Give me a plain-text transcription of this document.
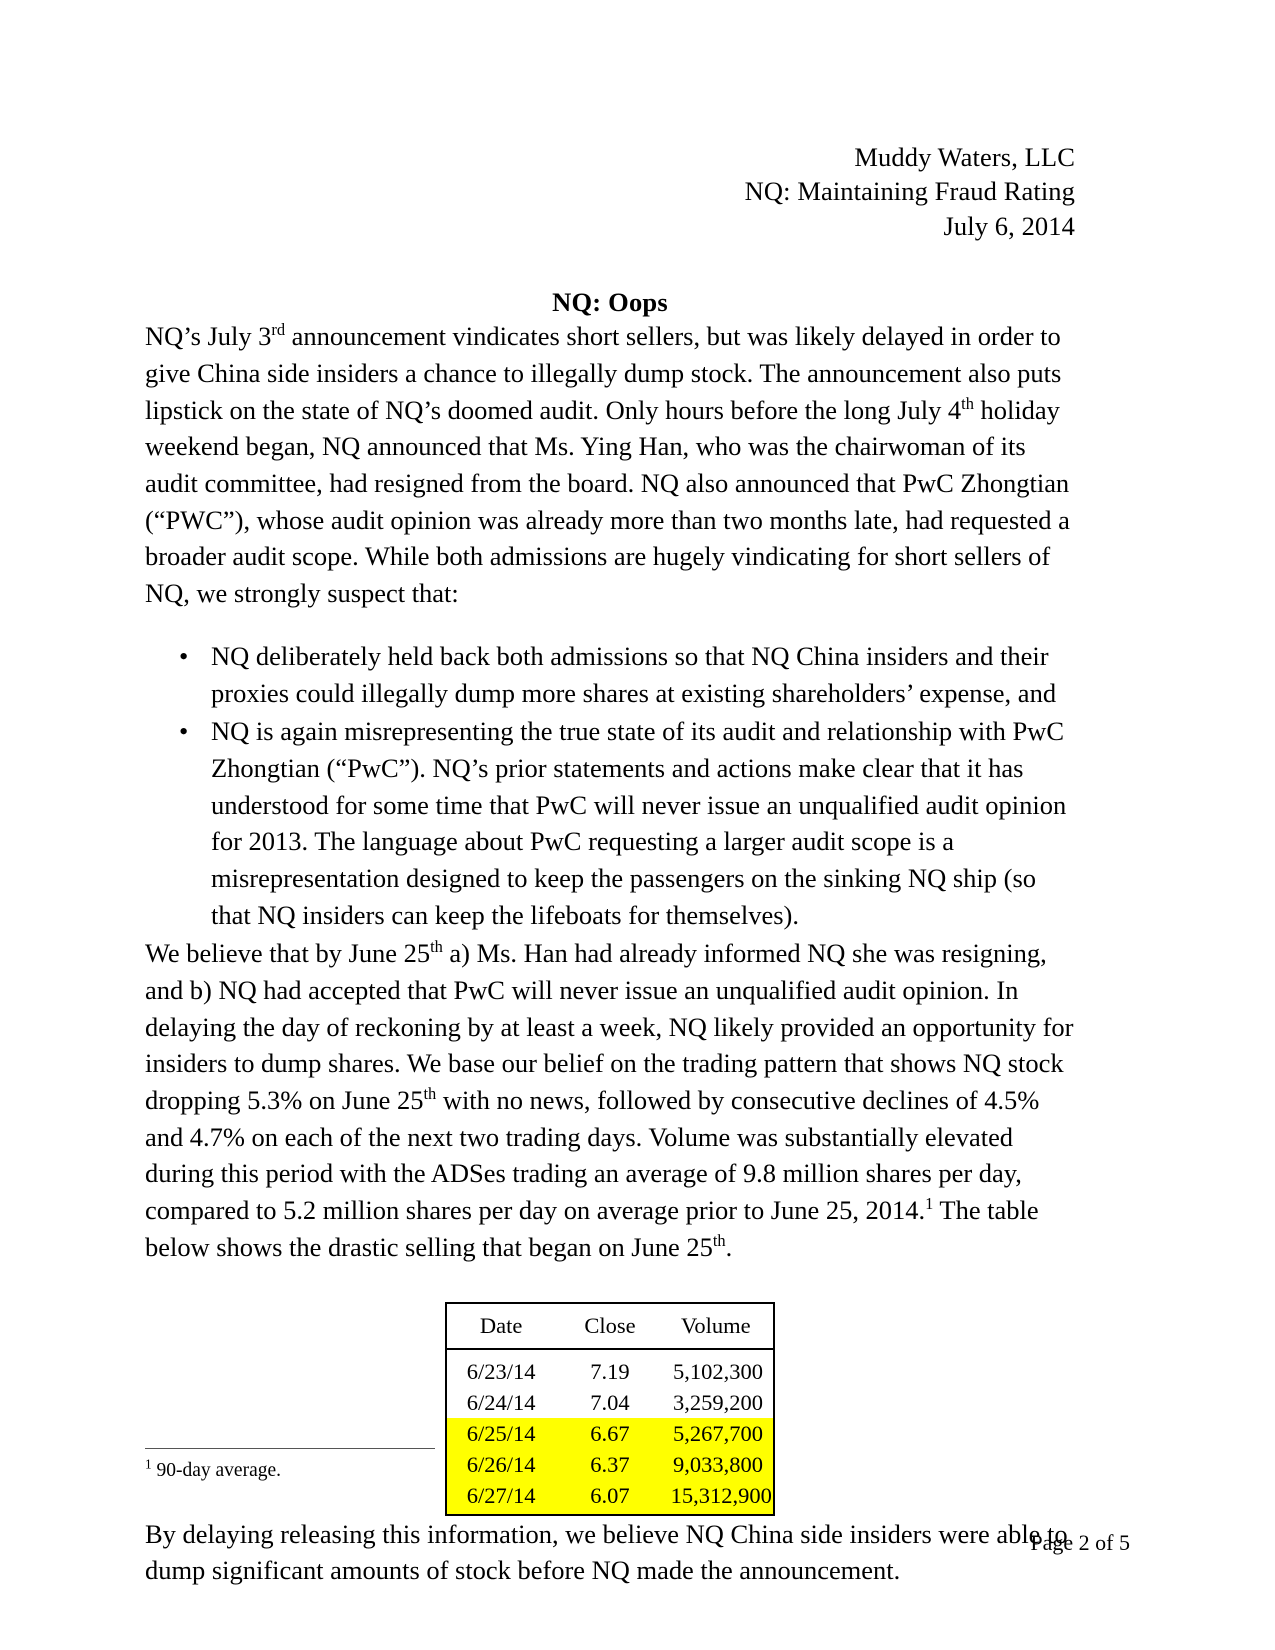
Muddy Waters, LLC
NQ: Maintaining Fraud Rating
July 6, 2014
NQ: Oops

NQ’s July 3rd announcement vindicates short sellers, but was likely delayed in order to give China side insiders a chance to illegally dump stock. The announcement also puts lipstick on the state of NQ’s doomed audit. Only hours before the long July 4th holiday weekend began, NQ announced that Ms. Ying Han, who was the chairwoman of its audit committee, had resigned from the board. NQ also announced that PwC Zhongtian (“PWC”), whose audit opinion was already more than two months late, had requested a broader audit scope. While both admissions are hugely vindicating for short sellers of NQ, we strongly suspect that:

• NQ deliberately held back both admissions so that NQ China insiders and their proxies could illegally dump more shares at existing shareholders’ expense, and
• NQ is again misrepresenting the true state of its audit and relationship with PwC Zhongtian (“PwC”). NQ’s prior statements and actions make clear that it has understood for some time that PwC will never issue an unqualified audit opinion for 2013. The language about PwC requesting a larger audit scope is a misrepresentation designed to keep the passengers on the sinking NQ ship (so that NQ insiders can keep the lifeboats for themselves).

We believe that by June 25th a) Ms. Han had already informed NQ she was resigning, and b) NQ had accepted that PwC will never issue an unqualified audit opinion. In delaying the day of reckoning by at least a week, NQ likely provided an opportunity for insiders to dump shares. We base our belief on the trading pattern that shows NQ stock dropping 5.3% on June 25th with no news, followed by consecutive declines of 4.5% and 4.7% on each of the next two trading days. Volume was substantially elevated during this period with the ADSes trading an average of 9.8 million shares per day, compared to 5.2 million shares per day on average prior to June 25, 2014.$^1$ The table below shows the drastic selling that began on June 25th.

Date	Close	Volume
6/23/14	7.19	5,102,300
6/24/14	7.04	3,259,200
6/25/14	6.67	5,267,700
6/26/14	6.37	9,033,800
6/27/14	6.07	15,312,900

By delaying releasing this information, we believe NQ China side insiders were able to dump significant amounts of stock before NQ made the announcement.

$^1$ 90-day average.
Page 2 of 5
